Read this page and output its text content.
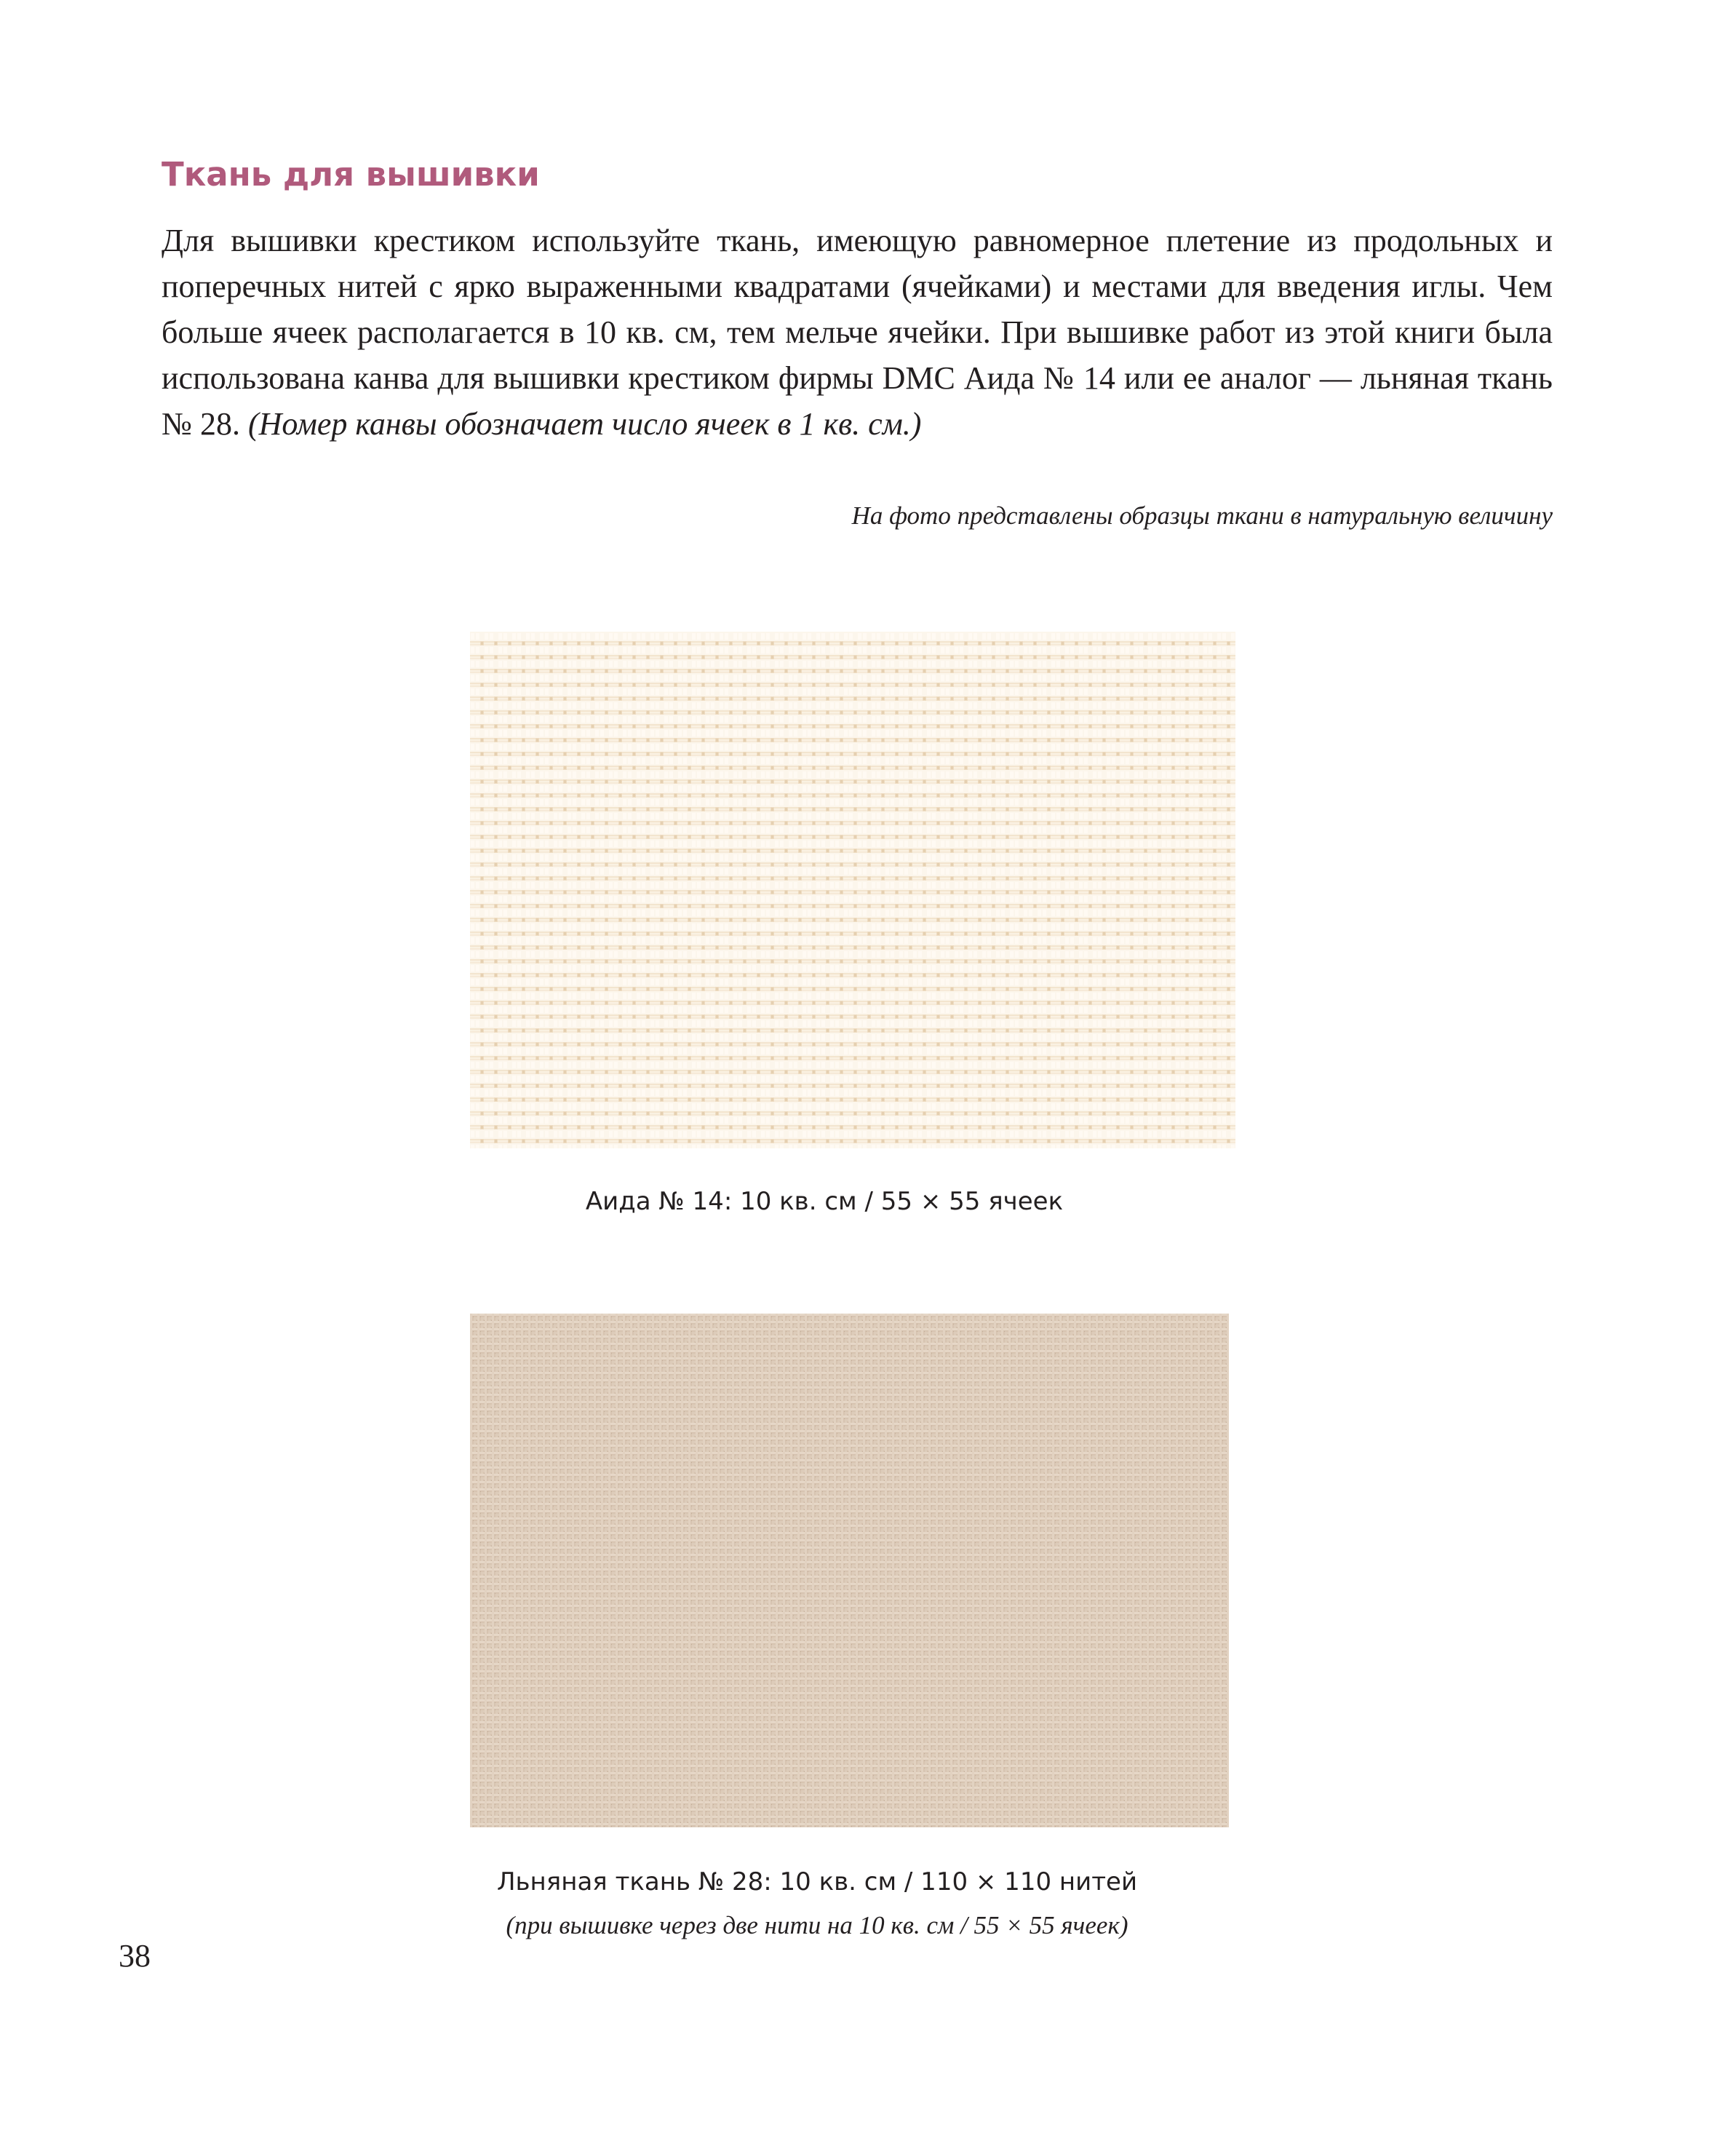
Ткань для вышивки

Для вышивки крестиком используйте ткань, имеющую равномерное плетение из продольных и поперечных нитей с ярко выраженными квадратами (ячейками) и местами для введения иглы. Чем больше ячеек располагается в 10 кв. см, тем мельче ячейки. При вышивке работ из этой книги была использована канва для вышивки крестиком фирмы DMC Аида № 14 или ее аналог — льняная ткань № 28. (Номер канвы обозначает число ячеек в 1 кв. см.)

На фото представлены образцы ткани в натуральную величину

Аида № 14: 10 кв. см / 55 × 55 ячеек

Льняная ткань № 28: 10 кв. см / 110 × 110 нитей

(при вышивке через две нити на 10 кв. см / 55 × 55 ячеек)

38
